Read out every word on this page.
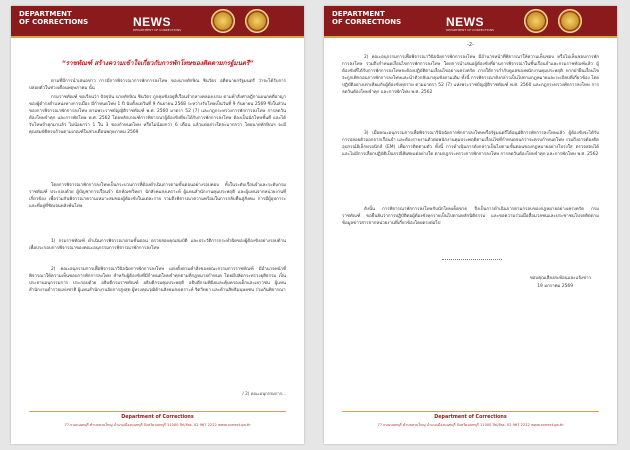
DEPARTMENT
OF CORRECTIONS	NEWS
DEPARTMENT OF CORRECTIONS
“ราชทัณฑ์ สร้างความเข้าใจเกี่ยวกับการพักโทษของติดตามกรฐ์มนตรี”

ตามที่มีการนำเสนอข่าว การมีการพิจารณาการพักการลงโทษ ของนายทักษิณ ชินวัตร อดีตนายกรัฐมนตรี ว่าจะได้รับการปล่อยตัวในช่วงเดือนพฤษภาคม นั้น

กรมราชทัณฑ์ ขอเรียนว่า ปัจจุบัน นายทักษิณ ชินวัตร ถูกคุมขังอยู่ที่เรือนจำกลางคลองเปรม ตามคำสั่งศาลฎีกาแผนกคดีอาญาของผู้ดำรงตำแหน่งทางการเมือง มีกำหนดโทษ 1 ปี นับตั้งแต่วันที่ 9 กันยายน 2568 ระหว่างรับโทษเป็นวันที่ 9 กันยายน 2569 ซึ่งในส่วนของการพิจารณาพักการลงโทษ ตามพระราชบัญญัติราชทัณฑ์ พ.ศ. 2560 มาตรา 52 (7) และกฎกระทรวงการพักการลงโทษ การลดวันต้องโทษจำคุก และการพักโทษ พ.ศ. 2562 โดยหลักเกณฑ์การพิจารณาผู้ต้องขังที่จะได้รับการพักการลงโทษ ต้องเป็นนักโทษชั้นดี และได้รับโทษจำคุกมาแล้ว ไม่น้อยกว่า 1 ใน 3 ของกำหนดโทษ หรือไม่น้อยกว่า 6 เดือน แล้วแต่อย่างใดจะมากกว่า โดยนายทักษิณฯ จะมีคุณสมบัติครบถ้วนตามเกณฑ์ในช่วงเดือนพฤษภาคม 2569

โดยการพิจารณาพักการลงโทษเป็นกระบวนการที่ต้องดำเนินการตามขั้นตอนอย่างรอบคอบ ทั้งในระดับเรือนจำและระดับกรมราชทัณฑ์ ประกอบด้วย ผู้บัญชาการเรือนจำ นักทัณฑวิทยา นักสังคมสงเคราะห์ ผู้แทนสำนักงานคุมประพฤติ และผู้แทนจากหน่วยงานที่เกี่ยวข้อง เพื่อร่วมกันพิจารณาความเหมาะสมของผู้ต้องขังในแต่ละราย รวมถึงพิจารณาความพร้อมในการกลับคืนสู่สังคม การมีผู้อุปการะ และที่อยู่ที่ชัดเจนหลังพ้นโทษ

1) กรมราชทัณฑ์ ดำเนินการพิจารณาตามขั้นตอน ตรวจสอบคุณสมบัติ และประวัติการกระทำผิดของผู้ต้องขังอย่างรอบด้าน เพื่อประกอบการพิจารณาของคณะอนุกรรมการพิจารณาพักการลงโทษ

2) คณะอนุกรรมการเพื่อพิจารณาวินิจฉัยการพักการลงโทษ แต่งตั้งตามคำสั่งของคณะกรรมการราชทัณฑ์ มีอำนาจหน้าที่พิจารณาให้ความเห็นชอบการพักการลงโทษ สำหรับผู้ต้องขังที่มีกำหนดโทษจำคุกตามที่กฎหมายกำหนด โดยมีปลัดกระทรวงยุติธรรม เป็นประธานอนุกรรมการ ประกอบด้วย อธิบดีกรมราชทัณฑ์ อธิบดีกรมคุมประพฤติ อธิบดีกรมพินิจและคุ้มครองเด็กและเยาวชน ผู้แทนสำนักงานตำรวจแห่งชาติ ผู้แทนสำนักงานอัยการสูงสุด ผู้ทรงคุณวุฒิด้านสังคมสงเคราะห์ จิตวิทยา และด้านสิทธิมนุษยชน ร่วมกันพิจารณา

/ 2) คณะอนุกรรมการ...
Department of Corrections
77 ถนนนนทบุรี ตำบลสวนใหญ่ อำเภอเมืองนนทบุรี จังหวัดนนทบุรี 11000 Tel/Fax. 02 967 2222 www.correct.go.th
DEPARTMENT
OF CORRECTIONS	NEWS
DEPARTMENT OF CORRECTIONS
-2-

2) คณะอนุกรรมการเพื่อพิจารณาวินิจฉัยการพักการลงโทษ มีอำนาจหน้าที่พิจารณาให้ความเห็นชอบ หรือไม่เห็นชอบการพักการลงโทษ รวมถึงกำหนดเงื่อนไขการพักการลงโทษ โดยการนำเสนอผู้ต้องขังที่ผ่านการพิจารณาในชั้นเรือนจำและกรมราชทัณฑ์แล้ว ผู้ต้องขังที่ได้รับการพักการลงโทษจะต้องปฏิบัติตามเงื่อนไขอย่างเคร่งครัด ภายใต้การกำกับดูแลของพนักงานคุมประพฤติ หากฝ่าฝืนเงื่อนไขจะถูกเพิกถอนการพักการลงโทษและนำตัวกลับมาคุมขังตามเดิม ทั้งนี้ การพิจารณาดังกล่าวเป็นไปตามกฎหมายและระเบียบที่เกี่ยวข้อง โดยปฏิบัติอย่างเท่าเทียมกับผู้ต้องขังทุกราย ตามมาตรา 52 (7) แห่งพระราชบัญญัติราชทัณฑ์ พ.ศ. 2560 และกฎกระทรวงพักการลงโทษ การลดวันต้องโทษจำคุก และการพักโทษ พ.ศ. 2562

3) เมื่อคณะอนุกรรมการเพื่อพิจารณาวินิจฉัยการพักการลงโทษหรือรัฐมนตรีได้อนุมัติการพักการลงโทษแล้ว ผู้ต้องขังจะได้รับการปล่อยตัวออกจากเรือนจำ และต้องรายงานตัวต่อพนักงานคุมประพฤติตามเงื่อนไขที่กำหนดจนกว่าจะครบกำหนดโทษ รวมถึงอาจต้องติดอุปกรณ์อิเล็กทรอนิกส์ (EM) เพื่อการติดตามตัว ทั้งนี้ การดำเนินการดังกล่าวเป็นไปตามขั้นตอนของกฎหมายอย่างโปร่งใส ตรวจสอบได้ และไม่มีการเลือกปฏิบัติเป็นกรณีพิเศษแต่อย่างใด ตามกฎกระทรวงการพักการลงโทษ การลดวันต้องโทษจำคุก และการพักโทษ พ.ศ. 2562

ดังนั้น การพิจารณาพักการลงโทษกับนักโทษเด็ดขาด จึงเป็นการดำเนินการตามกรอบของกฎหมายอย่างเคร่งครัด กรมราชทัณฑ์ ขอยืนยันว่าการปฏิบัติต่อผู้ต้องขังทุกรายเป็นไปตามหลักนิติธรรม และขอความร่วมมือสื่อมวลชนและประชาชนโปรดติดตามข้อมูลข่าวสารจากหน่วยงานที่เกี่ยวข้องโดยตรงต่อไป

ขอบคุณเสียงสะท้อนและแจ้งข่าว
19 มกราคม 2569
Department of Corrections
77 ถนนนนทบุรี ตำบลสวนใหญ่ อำเภอเมืองนนทบุรี จังหวัดนนทบุรี 11000 Tel/Fax. 02 967 2222 www.correct.go.th
